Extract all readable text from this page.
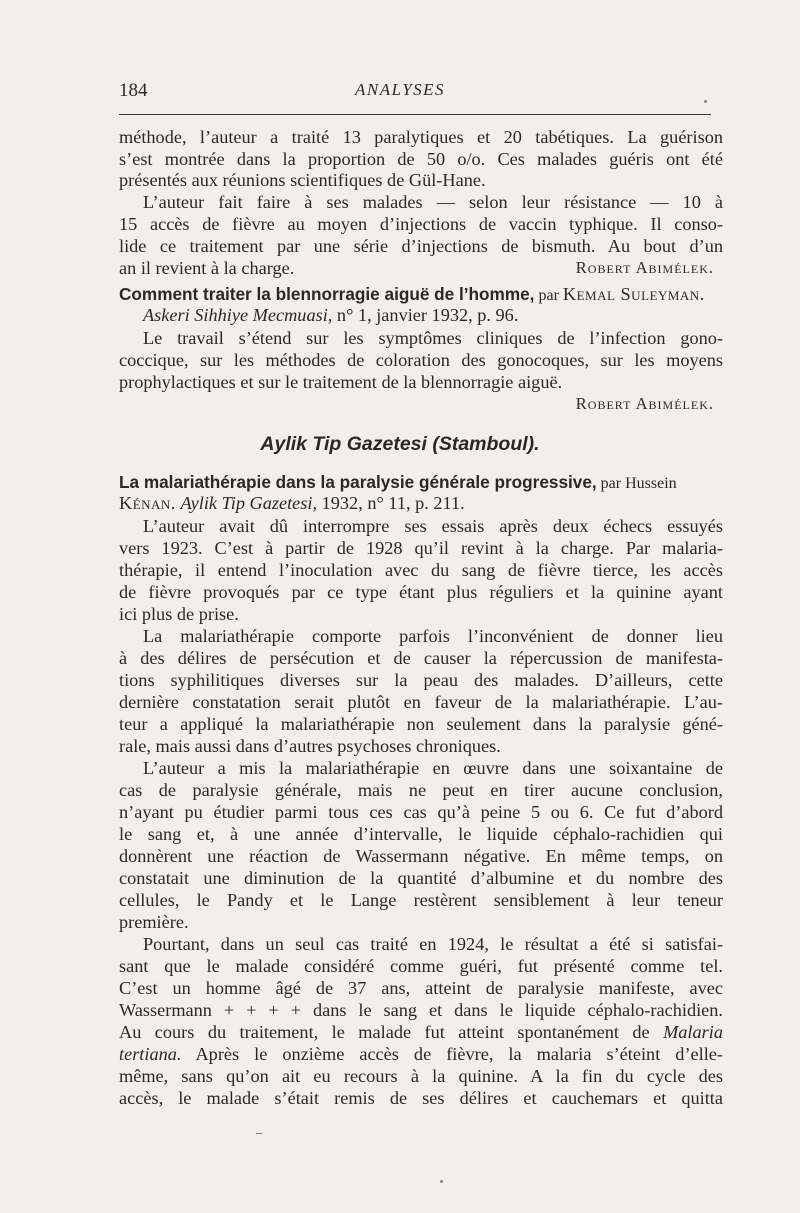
184	ANALYSES
méthode, l’auteur a traité 13 paralytiques et 20 tabétiques. La guérison
s’est montrée dans la proportion de 50 o/o. Ces malades guéris ont été
présentés aux réunions scientifiques de Gül-Hane.
L’auteur fait faire à ses malades — selon leur résistance — 10 à
15 accès de fièvre au moyen d’injections de vaccin typhique. Il conso-
lide ce traitement par une série d’injections de bismuth. Au bout d’un
an il revient à la charge.	Robert Abimélek.
Comment traiter la blennorragie aiguë de l’homme, par Kemal Suleyman.
Askeri Sihhiye Mecmuasi, n° 1, janvier 1932, p. 96.
Le travail s’étend sur les symptômes cliniques de l’infection gono-
coccique, sur les méthodes de coloration des gonocoques, sur les moyens
prophylactiques et sur le traitement de la blennorragie aiguë.
Robert Abimélek.
Aylik Tip Gazetesi (Stamboul).
La malariathérapie dans la paralysie générale progressive, par Hussein
Kénan. Aylik Tip Gazetesi, 1932, n° 11, p. 211.
L’auteur avait dû interrompre ses essais après deux échecs essuyés
vers 1923. C’est à partir de 1928 qu’il revint à la charge. Par malaria-
thérapie, il entend l’inoculation avec du sang de fièvre tierce, les accès
de fièvre provoqués par ce type étant plus réguliers et la quinine ayant
ici plus de prise.
La malariathérapie comporte parfois l’inconvénient de donner lieu
à des délires de persécution et de causer la répercussion de manifesta-
tions syphilitiques diverses sur la peau des malades. D’ailleurs, cette
dernière constatation serait plutôt en faveur de la malariathérapie. L’au-
teur a appliqué la malariathérapie non seulement dans la paralysie géné-
rale, mais aussi dans d’autres psychoses chroniques.
L’auteur a mis la malariathérapie en œuvre dans une soixantaine de
cas de paralysie générale, mais ne peut en tirer aucune conclusion,
n’ayant pu étudier parmi tous ces cas qu’à peine 5 ou 6. Ce fut d’abord
le sang et, à une année d’intervalle, le liquide céphalo-rachidien qui
donnèrent une réaction de Wassermann négative. En même temps, on
constatait une diminution de la quantité d’albumine et du nombre des
cellules, le Pandy et le Lange restèrent sensiblement à leur teneur
première.
Pourtant, dans un seul cas traité en 1924, le résultat a été si satisfai-
sant que le malade considéré comme guéri, fut présenté comme tel.
C’est un homme âgé de 37 ans, atteint de paralysie manifeste, avec
Wassermann + + + + dans le sang et dans le liquide céphalo-rachidien.
Au cours du traitement, le malade fut atteint spontanément de Malaria
tertiana. Après le onzième accès de fièvre, la malaria s’éteint d’elle-
même, sans qu’on ait eu recours à la quinine. A la fin du cycle des
accès, le malade s’était remis de ses délires et cauchemars et quitta
